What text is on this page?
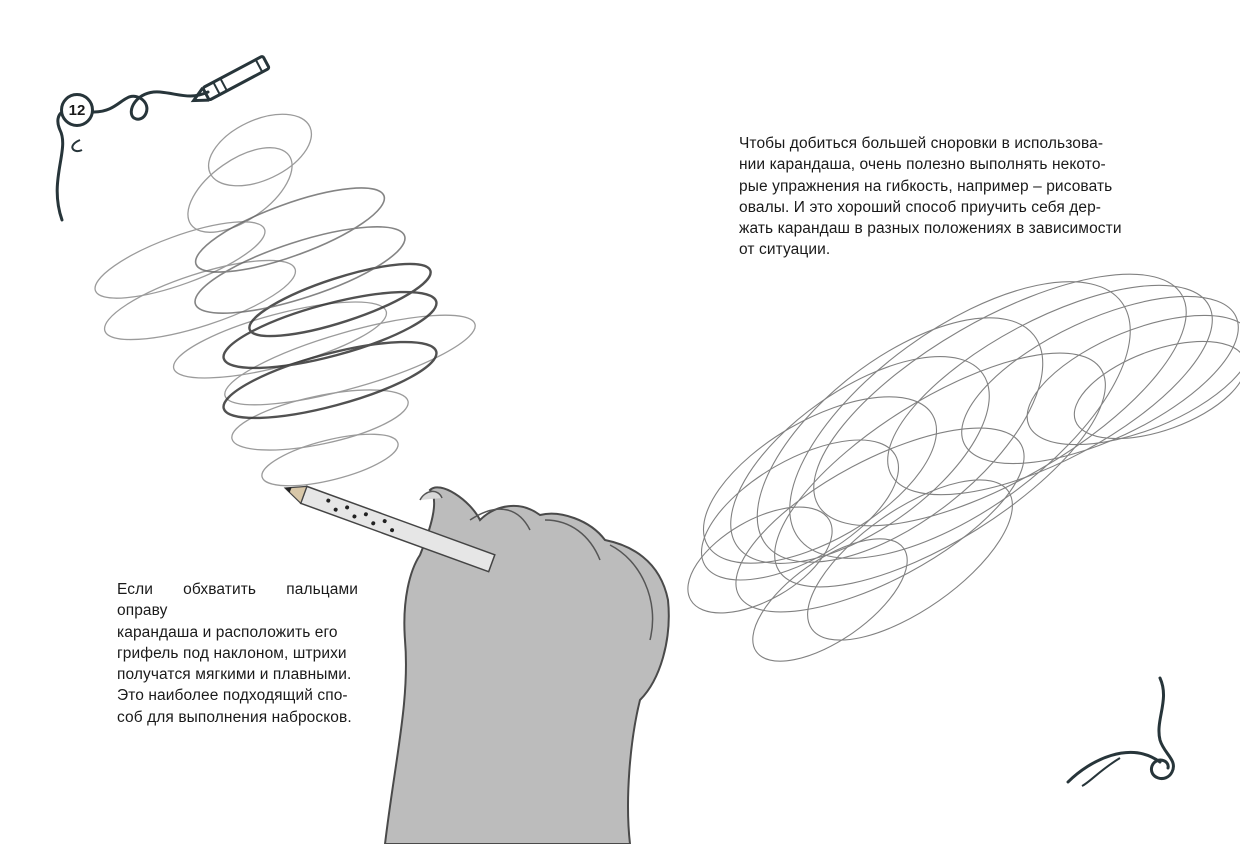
12

Чтобы добиться большей сноровки в использова-

нии карандаша, очень полезно выполнять некото-

рые упражнения на гибкость, например – рисовать

овалы. И это хороший способ приучить себя дер-

жать карандаш в разных положениях в зависимости

от ситуации.

Если обхватить пальцами оправу

карандаша и расположить его

грифель под наклоном, штрихи

получатся мягкими и плавными.

Это наиболее подходящий спо-

соб для выполнения набросков.
